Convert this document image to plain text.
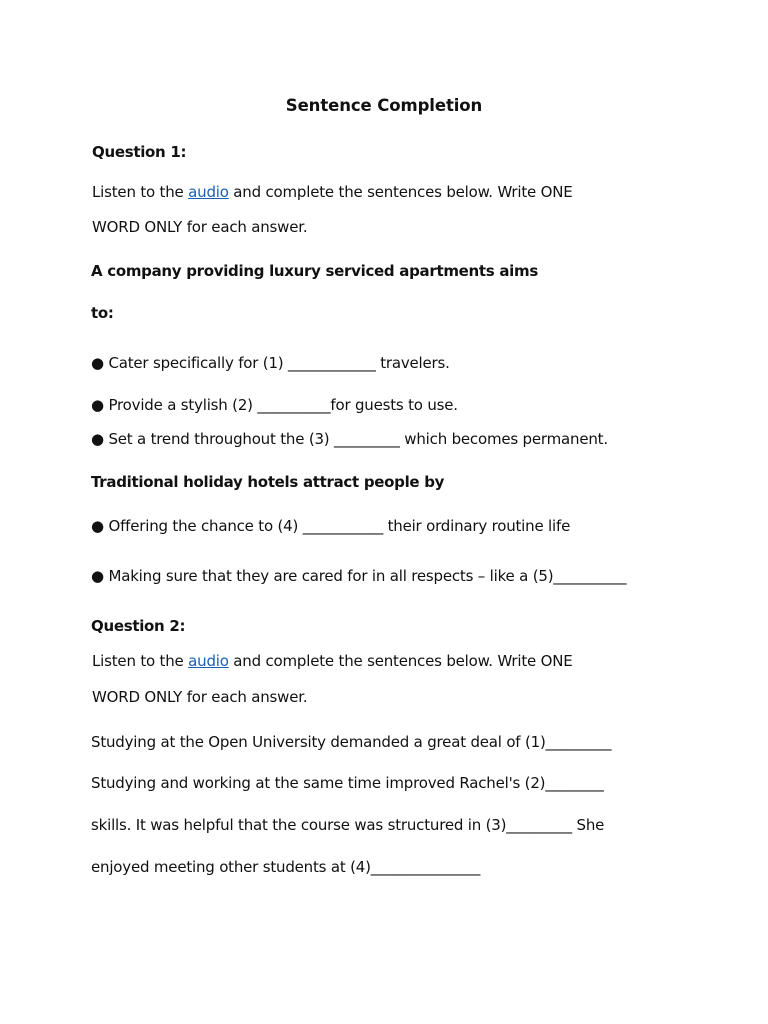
Sentence Completion
Question 1:
Listen to the audio and complete the sentences below. Write ONE
WORD ONLY for each answer.
A company providing luxury serviced apartments aims
to:
● Cater specifically for (1) ____________ travelers.
● Provide a stylish (2) __________for guests to use.
● Set a trend throughout the (3) _________ which becomes permanent.
Traditional holiday hotels attract people by
● Offering the chance to (4) ___________ their ordinary routine life
● Making sure that they are cared for in all respects – like a (5)__________
Question 2:
Listen to the audio and complete the sentences below. Write ONE
WORD ONLY for each answer.
Studying at the Open University demanded a great deal of (1)_________
Studying and working at the same time improved Rachel's (2)________
skills. It was helpful that the course was structured in (3)_________ She
enjoyed meeting other students at (4)_______________
